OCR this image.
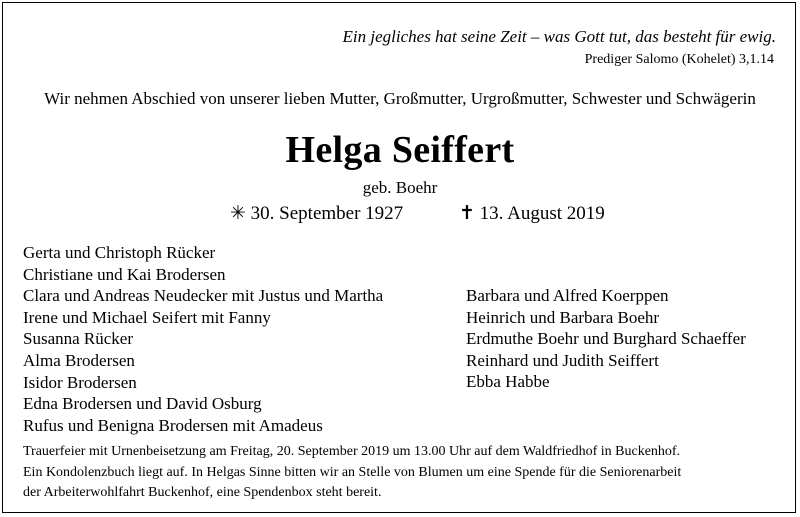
Ein jegliches hat seine Zeit – was Gott tut, das besteht für ewig.
Prediger Salomo (Kohelet) 3,1.14
Wir nehmen Abschied von unserer lieben Mutter, Großmutter, Urgroßmutter, Schwester und Schwägerin
Helga Seiffert
geb. Boehr
✳ 30. September 1927	✝ 13. August 2019
Gerta und Christoph Rücker
Christiane und Kai Brodersen
Clara und Andreas Neudecker mit Justus und Martha
Irene und Michael Seifert mit Fanny
Susanna Rücker
Alma Brodersen
Isidor Brodersen
Edna Brodersen und David Osburg
Rufus und Benigna Brodersen mit Amadeus
Barbara und Alfred Koerppen
Heinrich und Barbara Boehr
Erdmuthe Boehr und Burghard Schaeffer
Reinhard und Judith Seiffert
Ebba Habbe
Trauerfeier mit Urnenbeisetzung am Freitag, 20. September 2019 um 13.00 Uhr auf dem Waldfriedhof in Buckenhof.
Ein Kondolenzbuch liegt auf. In Helgas Sinne bitten wir an Stelle von Blumen um eine Spende für die Seniorenarbeit
der Arbeiterwohlfahrt Buckenhof, eine Spendenbox steht bereit.
